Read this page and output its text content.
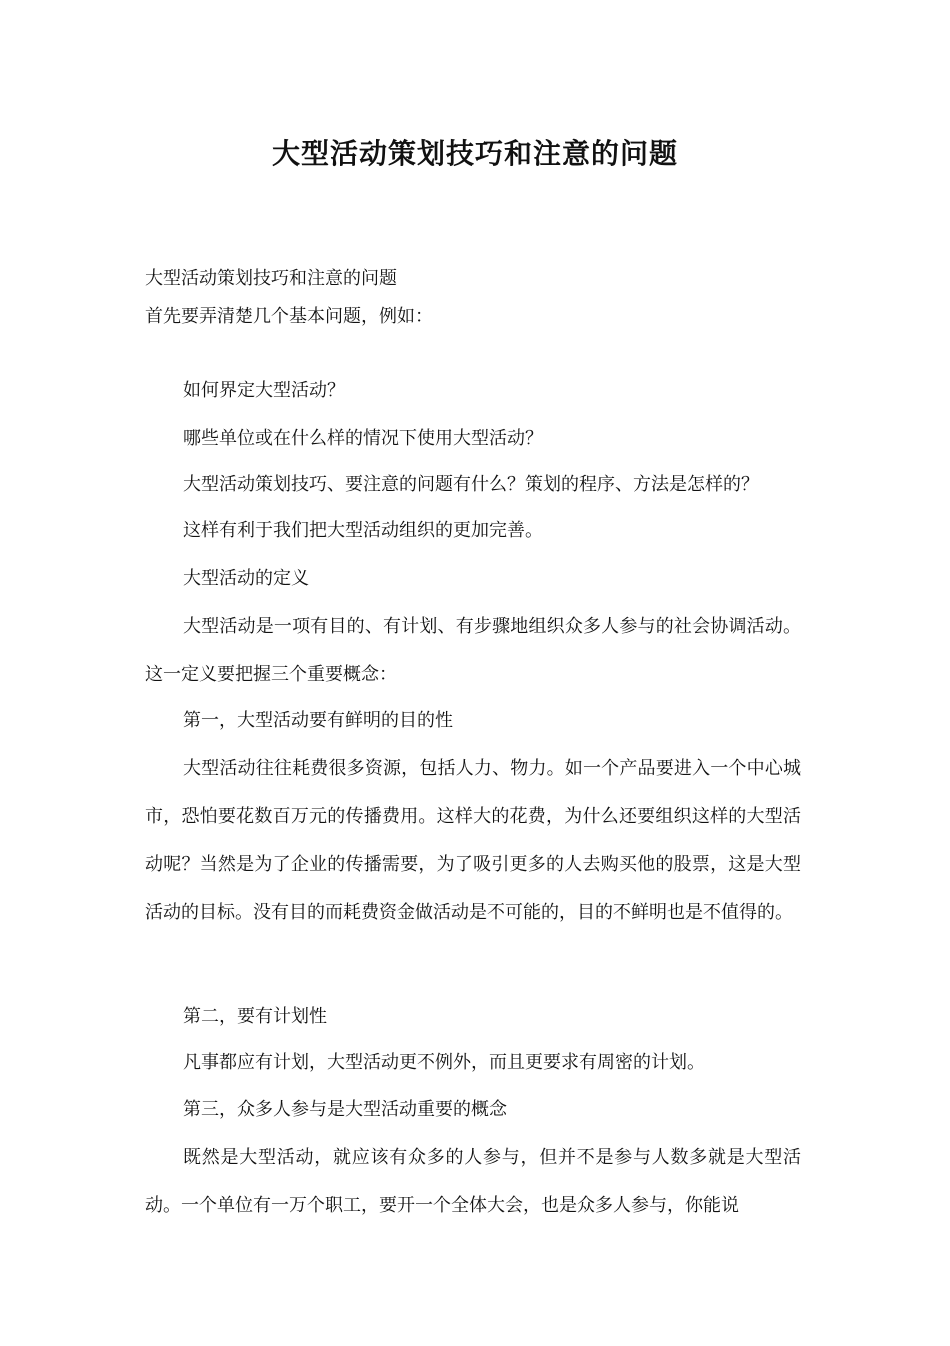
大型活动策划技巧和注意的问题
大型活动策划技巧和注意的问题
首先要弄清楚几个基本问题，例如：
如何界定大型活动？
哪些单位或在什么样的情况下使用大型活动？
大型活动策划技巧、要注意的问题有什么？策划的程序、方法是怎样的？
这样有利于我们把大型活动组织的更加完善。
大型活动的定义

大型活动是一项有目的、有计划、有步骤地组织众多人参与的社会协调活动。这一定义要把握三个重要概念：

第一，大型活动要有鲜明的目的性

大型活动往往耗费很多资源，包括人力、物力。如一个产品要进入一个中心城市，恐怕要花数百万元的传播费用。这样大的花费，为什么还要组织这样的大型活动呢？当然是为了企业的传播需要，为了吸引更多的人去购买他的股票，这是大型活动的目标。没有目的而耗费资金做活动是不可能的，目的不鲜明也是不值得的。

第二，要有计划性
凡事都应有计划，大型活动更不例外，而且更要求有周密的计划。
第三，众多人参与是大型活动重要的概念

既然是大型活动，就应该有众多的人参与，但并不是参与人数多就是大型活动。一个单位有一万个职工，要开一个全体大会，也是众多人参与，你能说
